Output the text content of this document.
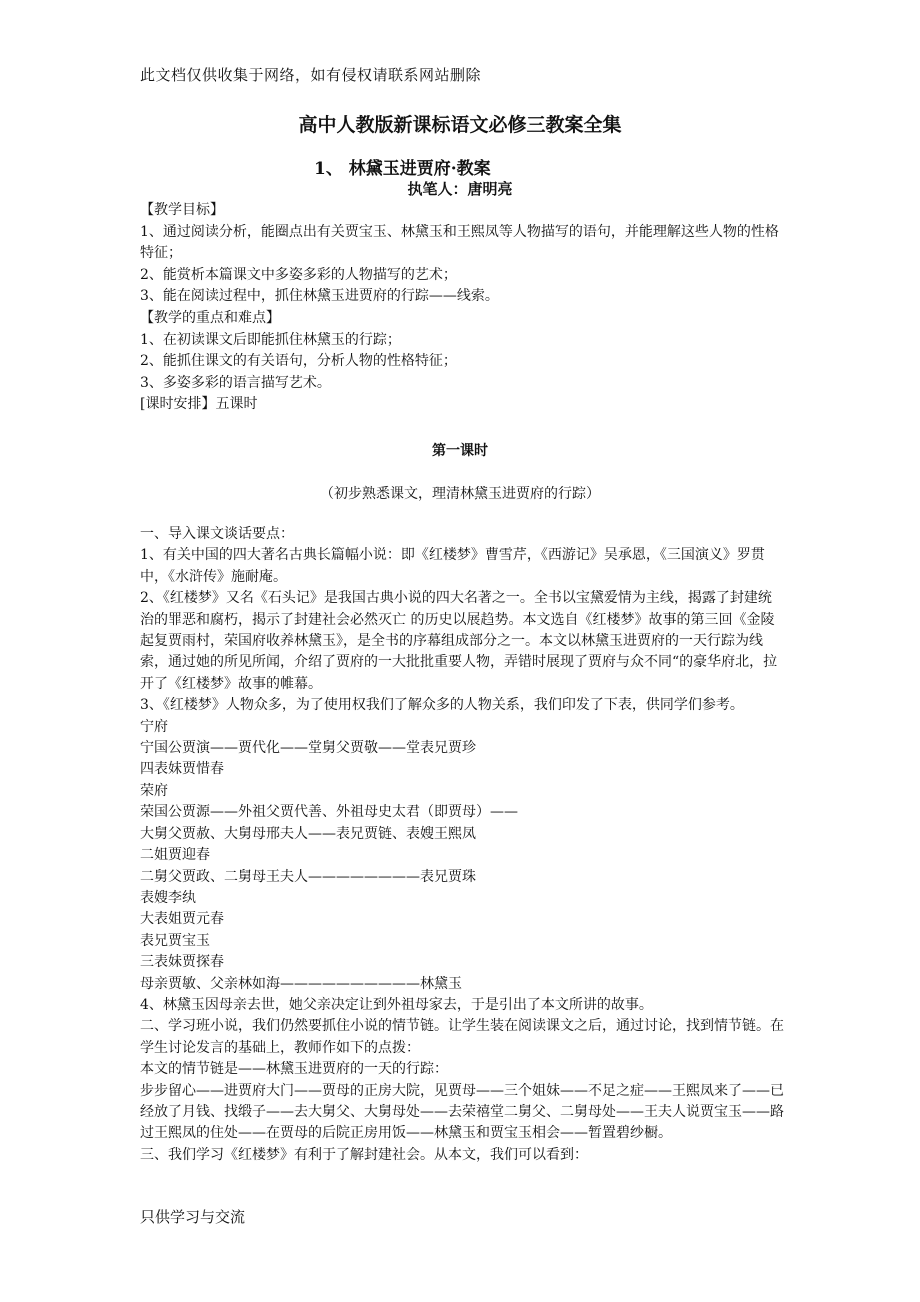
此文档仅供收集于网络，如有侵权请联系网站删除
高中人教版新课标语文必修三教案全集
1、 林黛玉进贾府·教案
执笔人：唐明亮

【教学目标】

1、通过阅读分析，能圈点出有关贾宝玉、林黛玉和王熙凤等人物描写的语句，并能理解这些人物的性格特征；

2、能赏析本篇课文中多姿多彩的人物描写的艺术；

3、能在阅读过程中，抓住林黛玉进贾府的行踪——线索。

【教学的重点和难点】

1、在初读课文后即能抓住林黛玉的行踪；

2、能抓住课文的有关语句，分析人物的性格特征；

3、多姿多彩的语言描写艺术。

[课时安排】五课时

第一课时
（初步熟悉课文，理清林黛玉进贾府的行踪）

一、导入课文谈话要点：

1、有关中国的四大著名古典长篇幅小说：即《红楼梦》曹雪芹，《西游记》吴承恩，《三国演义》罗贯中，《水浒传》施耐庵。

2、《红楼梦》又名《石头记》是我国古典小说的四大名著之一。全书以宝黛爱情为主线，揭露了封建统治的罪恶和腐朽，揭示了封建社会必然灭亡 的历史以展趋势。本文选自《红楼梦》故事的第三回《金陵起复贾雨村，荣国府收养林黛玉》，是全书的序幕组成部分之一。本文以林黛玉进贾府的一天行踪为线 索，通过她的所见所闻，介绍了贾府的一大批批重要人物，弄错时展现了贾府与众不同“的豪华府北，拉开了《红楼梦》故事的帷幕。

3、《红楼梦》人物众多，为了使用权我们了解众多的人物关系，我们印发了下表，供同学们参考。

宁府

宁国公贾演——贾代化——堂舅父贾敬——堂表兄贾珍

四表妹贾惜春

荣府

荣国公贾源——外祖父贾代善、外祖母史太君（即贾母）——

大舅父贾赦、大舅母邢夫人——表兄贾链、表嫂王熙凤

二姐贾迎春

二舅父贾政、二舅母王夫人————————表兄贾珠

表嫂李纨

大表姐贾元春

表兄贾宝玉

三表妹贾探春

母亲贾敏、父亲林如海——————————林黛玉

4、林黛玉因母亲去世，她父亲决定让到外祖母家去，于是引出了本文所讲的故事。

二、学习班小说，我们仍然要抓住小说的情节链。让学生装在阅读课文之后，通过讨论，找到情节链。在学生讨论发言的基础上，教师作如下的点拨：

本文的情节链是——林黛玉进贾府的一天的行踪：

步步留心——进贾府大门——贾母的正房大院，见贾母——三个姐妹——不足之症——王熙凤来了——已经放了月钱、找缎子——去大舅父、大舅母处——去荣禧堂二舅父、二舅母处——王夫人说贾宝玉——路过王熙凤的住处——在贾母的后院正房用饭——林黛玉和贾宝玉相会——暂置碧纱橱。

三、我们学习《红楼梦》有利于了解封建社会。从本文，我们可以看到：

只供学习与交流
